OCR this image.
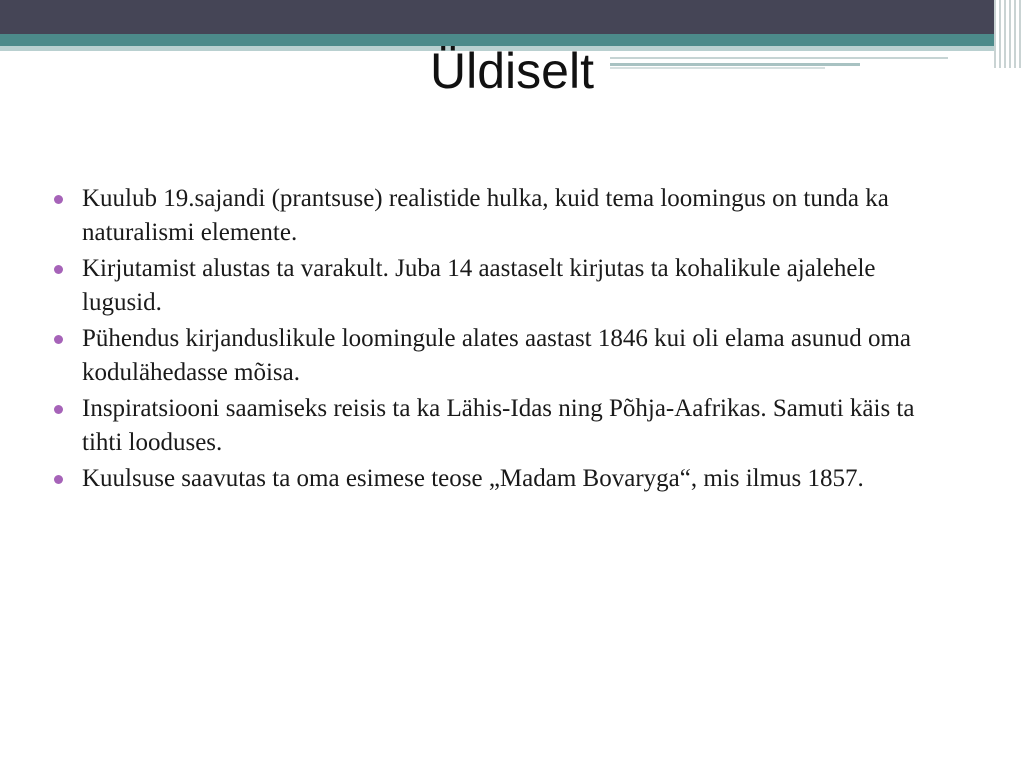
Üldiselt
Kuulub 19.sajandi (prantsuse) realistide hulka, kuid tema loomingus on tunda ka naturalismi elemente.
Kirjutamist alustas ta varakult. Juba 14 aastaselt kirjutas ta kohalikule ajalehele lugusid.
Pühendus kirjanduslikule loomingule alates aastast 1846 kui oli elama asunud oma kodulähedasse mõisa.
Inspiratsiooni saamiseks reisis ta ka Lähis-Idas ning Põhja-Aafrikas. Samuti käis ta tihti looduses.
Kuulsuse saavutas ta oma esimese teose „Madam Bovaryga“, mis ilmus 1857.
